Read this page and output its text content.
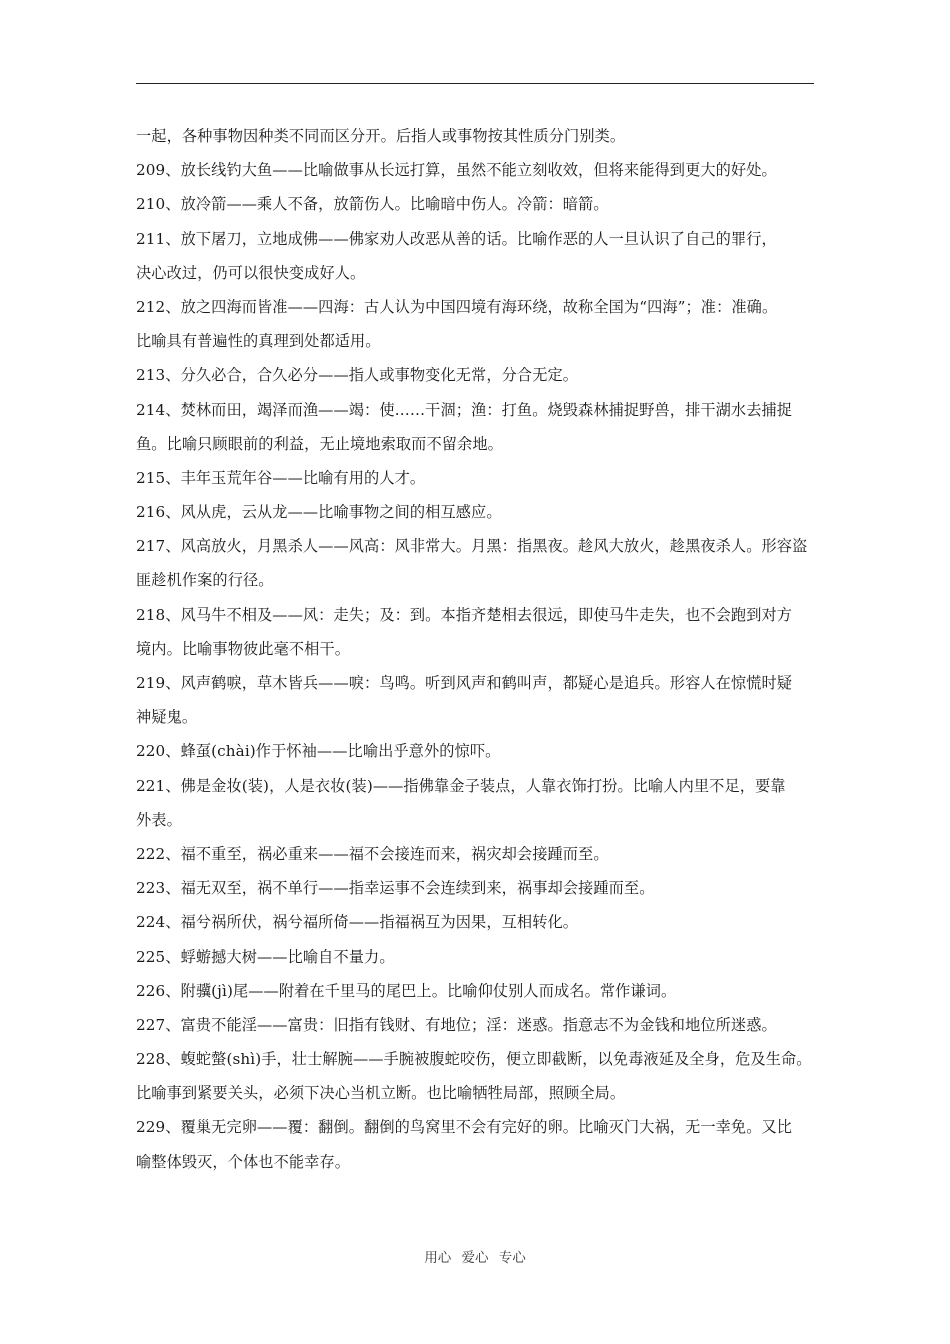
一起，各种事物因种类不同而区分开。后指人或事物按其性质分门别类。
209、放长线钓大鱼——比喻做事从长远打算，虽然不能立刻收效，但将来能得到更大的好处。
210、放冷箭——乘人不备，放箭伤人。比喻暗中伤人。冷箭：暗箭。
211、放下屠刀，立地成佛——佛家劝人改恶从善的话。比喻作恶的人一旦认识了自己的罪行，
决心改过，仍可以很快变成好人。
212、放之四海而皆准——四海：古人认为中国四境有海环绕，故称全国为“四海”；准：准确。
比喻具有普遍性的真理到处都适用。
213、分久必合，合久必分——指人或事物变化无常，分合无定。
214、焚林而田，竭泽而渔——竭：使……干涸；渔：打鱼。烧毁森林捕捉野兽，排干湖水去捕捉
鱼。比喻只顾眼前的利益，无止境地索取而不留余地。
215、丰年玉荒年谷——比喻有用的人才。
216、风从虎，云从龙——比喻事物之间的相互感应。
217、风高放火，月黑杀人——风高：风非常大。月黑：指黑夜。趁风大放火，趁黑夜杀人。形容盗
匪趁机作案的行径。
218、风马牛不相及——风：走失；及：到。本指齐楚相去很远，即使马牛走失，也不会跑到对方
境内。比喻事物彼此毫不相干。
219、风声鹤唳，草木皆兵——唳：鸟鸣。听到风声和鹤叫声，都疑心是追兵。形容人在惊慌时疑
神疑鬼。
220、蜂虿(chài)作于怀袖——比喻出乎意外的惊吓。
221、佛是金妆(装)，人是衣妆(装)——指佛靠金子装点，人靠衣饰打扮。比喻人内里不足，要靠
外表。
222、福不重至，祸必重来——福不会接连而来，祸灾却会接踵而至。
223、福无双至，祸不单行——指幸运事不会连续到来，祸事却会接踵而至。
224、福兮祸所伏，祸兮福所倚——指福祸互为因果，互相转化。
225、蜉蝣撼大树——比喻自不量力。
226、附骥(jì)尾——附着在千里马的尾巴上。比喻仰仗别人而成名。常作谦词。
227、富贵不能淫——富贵：旧指有钱财、有地位；淫：迷惑。指意志不为金钱和地位所迷惑。
228、蝮蛇螫(shì)手，壮士解腕——手腕被腹蛇咬伤，便立即截断，以免毒液延及全身，危及生命。
比喻事到紧要关头，必须下决心当机立断。也比喻牺牲局部，照顾全局。
229、覆巢无完卵——覆：翻倒。翻倒的鸟窝里不会有完好的卵。比喻灭门大祸，无一幸免。又比
喻整体毁灭，个体也不能幸存。
用心 爱心 专心
